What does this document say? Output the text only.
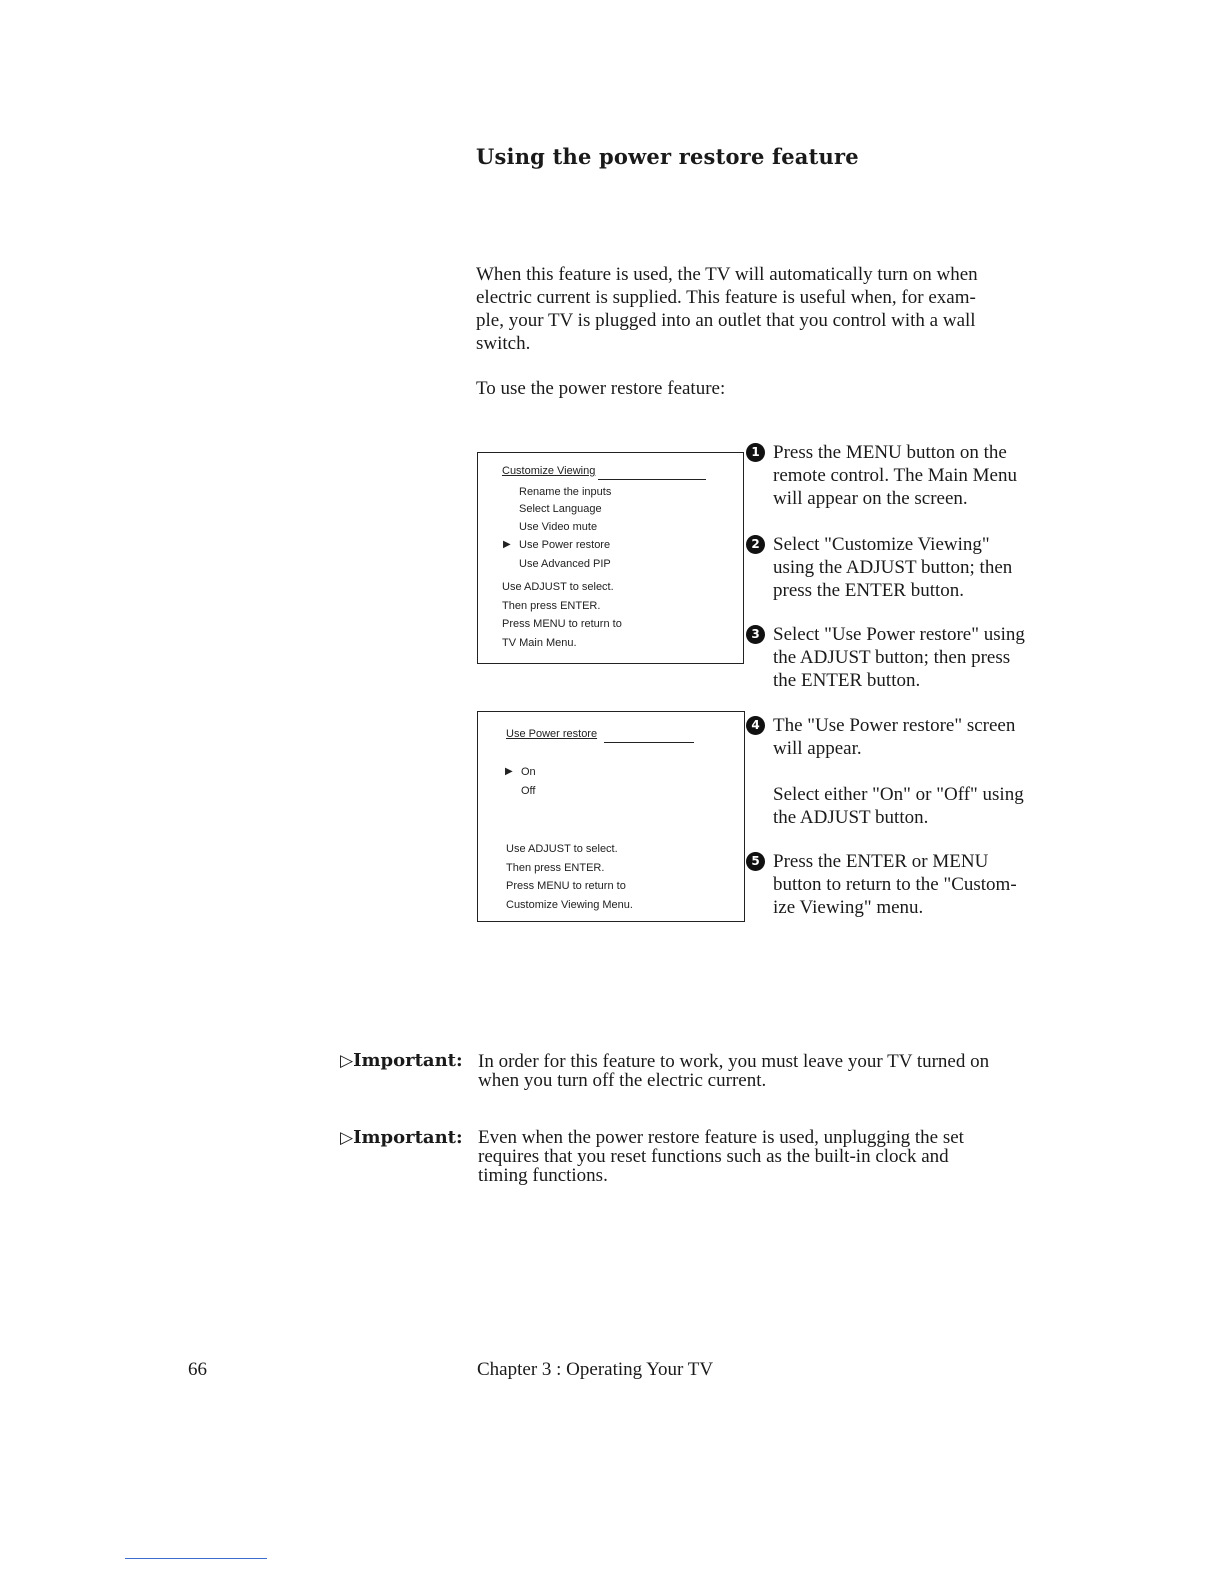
Using the power restore feature
When this feature is used, the TV will automatically turn on when
electric current is supplied. This feature is useful when, for exam-
ple, your TV is plugged into an outlet that you control with a wall
switch.
To use the power restore feature:
Customize Viewing
Rename the inputs
Select Language
Use Video mute
▶ Use Power restore
Use Advanced PIP
Use ADJUST to select.
Then press ENTER.
Press MENU to return to
TV Main Menu.
Use Power restore
▶ On
Off
Use ADJUST to select.
Then press ENTER.
Press MENU to return to
Customize Viewing Menu.
1 Press the MENU button on the
remote control. The Main Menu
will appear on the screen.
2 Select "Customize Viewing"
using the ADJUST button; then
press the ENTER button.
3 Select "Use Power restore" using
the ADJUST button; then press
the ENTER button.
4 The "Use Power restore" screen
will appear.
Select either "On" or "Off" using
the ADJUST button.
5 Press the ENTER or MENU
button to return to the "Custom-
ize Viewing" menu.
▷Important: In order for this feature to work, you must leave your TV turned on
when you turn off the electric current.
▷Important: Even when the power restore feature is used, unplugging the set
requires that you reset functions such as the built-in clock and
timing functions.
66	Chapter 3 : Operating Your TV
